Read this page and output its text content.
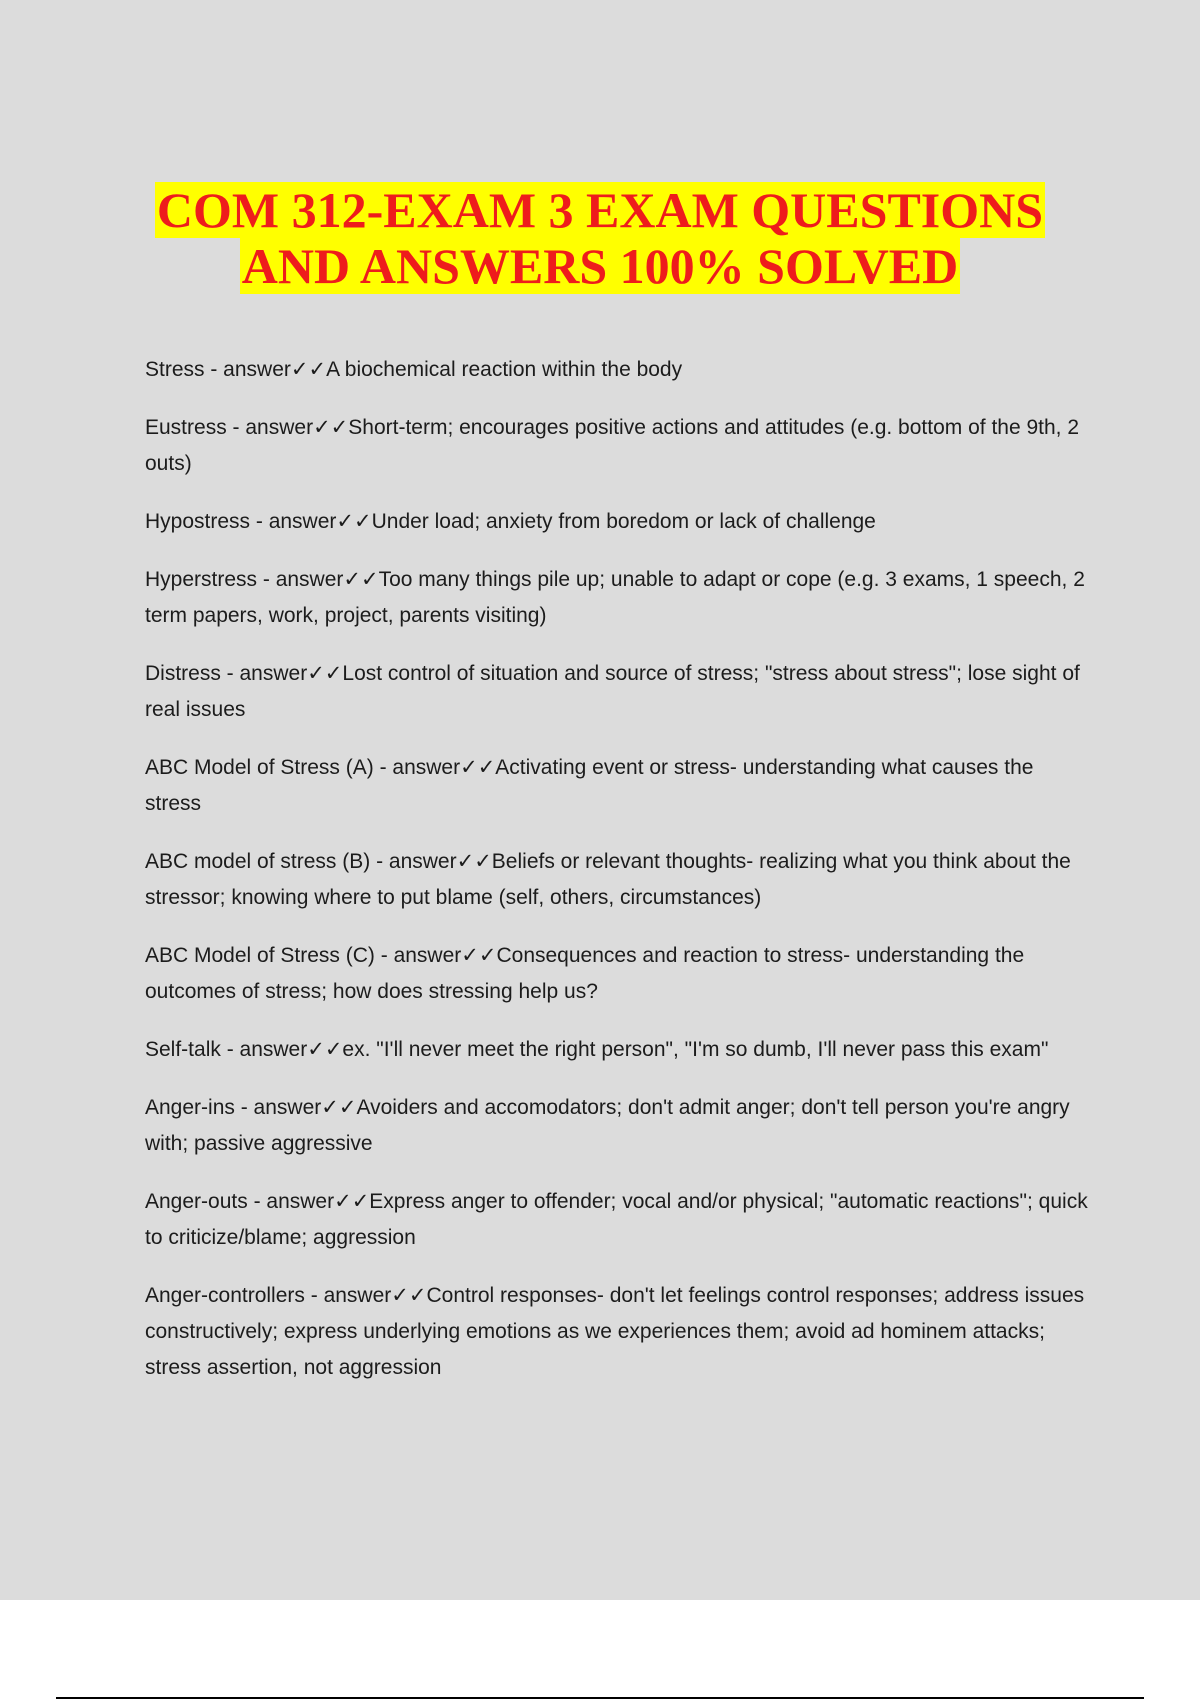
COM 312-EXAM 3 EXAM QUESTIONS
AND ANSWERS 100% SOLVED
Stress - answer✓✓A biochemical reaction within the body
Eustress - answer✓✓Short-term; encourages positive actions and attitudes (e.g. bottom of the 9th, 2 outs)
Hypostress - answer✓✓Under load; anxiety from boredom or lack of challenge
Hyperstress - answer✓✓Too many things pile up; unable to adapt or cope (e.g. 3 exams, 1 speech, 2 term papers, work, project, parents visiting)
Distress - answer✓✓Lost control of situation and source of stress; "stress about stress"; lose sight of real issues
ABC Model of Stress (A) - answer✓✓Activating event or stress- understanding what causes the stress
ABC model of stress (B) - answer✓✓Beliefs or relevant thoughts- realizing what you think about the stressor; knowing where to put blame (self, others, circumstances)
ABC Model of Stress (C) - answer✓✓Consequences and reaction to stress- understanding the outcomes of stress; how does stressing help us?
Self-talk - answer✓✓ex. "I'll never meet the right person", "I'm so dumb, I'll never pass this exam"
Anger-ins - answer✓✓Avoiders and accomodators; don't admit anger; don't tell person you're angry with; passive aggressive
Anger-outs - answer✓✓Express anger to offender; vocal and/or physical; "automatic reactions"; quick to criticize/blame; aggression
Anger-controllers - answer✓✓Control responses- don't let feelings control responses; address issues constructively; express underlying emotions as we experiences them; avoid ad hominem attacks; stress assertion, not aggression
